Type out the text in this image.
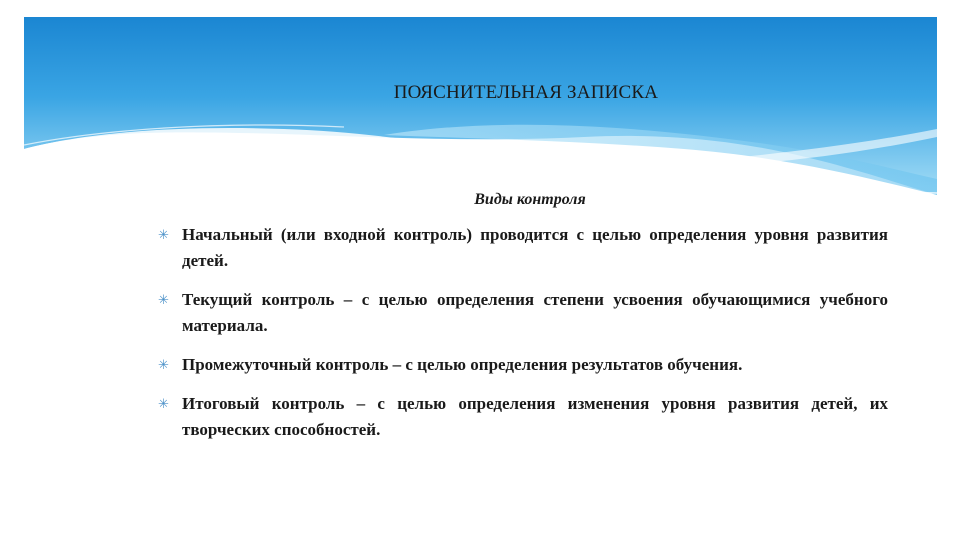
ПОЯСНИТЕЛЬНАЯ ЗАПИСКА
Виды контроля
✳ Начальный (или входной контроль) проводится с целью определения уровня развития детей.
✳ Текущий контроль – с целью определения степени усвоения обучающимися учебного материала.
✳ Промежуточный контроль – с целью определения результатов обучения.
✳ Итоговый контроль – с целью определения изменения уровня развития детей, их творческих способностей.
